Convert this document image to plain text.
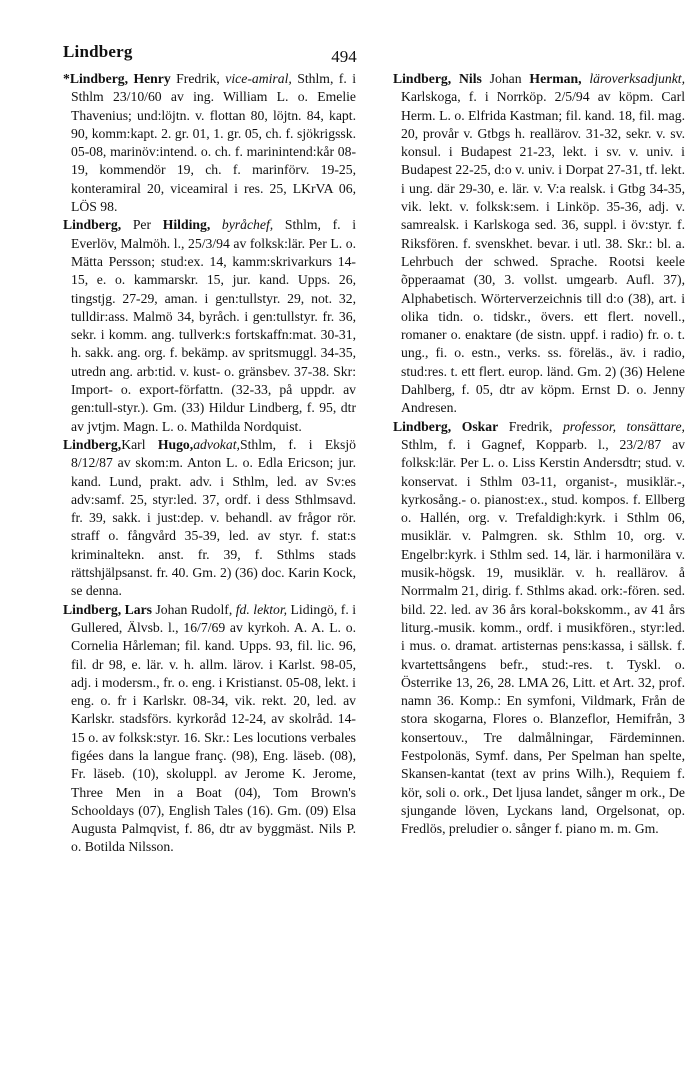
Lindberg	494

*Lindberg, Henry Fredrik, vice-amiral, Sthlm, f. i Sthlm 23/10/60 av ing. William L. o. Emelie Thavenius; und:löjtn. v. flottan 80, löjtn. 84, kapt. 90, komm:kapt. 2. gr. 01, 1. gr. 05, ch. f. sjökrigssk. 05-08, marinöv:intend. o. ch. f. marinintend:kår 08-19, kommendör 19, ch. f. marinförv. 19-25, konteramiral 20, viceamiral i res. 25, LKrVA 06, LÖS 98.

Lindberg, Per Hilding, byråchef, Sthlm, f. i Everlöv, Malmöh. l., 25/3/94 av folksk:lär. Per L. o. Mätta Persson; stud:ex. 14, kamm:skrivarkurs 14-15, e. o. kammarskr. 15, jur. kand. Upps. 26, tingstjg. 27-29, aman. i gen:tullstyr. 29, not. 32, tulldir:ass. Malmö 34, byråch. i gen:tullstyr. fr. 36, sekr. i komm. ang. tullverk:s fortskaffn:mat. 30-31, h. sakk. ang. org. f. bekämp. av spritsmuggl. 34-35, utredn ang. arb:tid. v. kust- o. gränsbev. 37-38. Skr: Import- o. export-författn. (32-33, på uppdr. av gen:tull-styr.). Gm. (33) Hildur Lindberg, f. 95, dtr av jvtjm. Magn. L. o. Mathilda Nordquist.

Lindberg,Karl Hugo,advokat,Sthlm, f. i Eksjö 8/12/87 av skom:m. Anton L. o. Edla Ericson; jur. kand. Lund, prakt. adv. i Sthlm, led. av Sv:es adv:samf. 25, styr:led. 37, ordf. i dess Sthlmsavd. fr. 39, sakk. i just:dep. v. behandl. av frågor rör. straff o. fångvård 35-39, led. av styr. f. stat:s kriminaltekn. anst. fr. 39, f. Sthlms stads rättshjälpsanst. fr. 40. Gm. 2) (36) doc. Karin Kock, se denna.

Lindberg, Lars Johan Rudolf, fd. lektor, Lidingö, f. i Gullered, Älvsb. l., 16/7/69 av kyrkoh. A. A. L. o. Cornelia Hårleman; fil. kand. Upps. 93, fil. lic. 96, fil. dr 98, e. lär. v. h. allm. lärov. i Karlst. 98-05, adj. i modersm., fr. o. eng. i Kristianst. 05-08, lekt. i eng. o. fr i Karlskr. 08-34, vik. rekt. 20, led. av Karlskr. stadsförs. kyrkoråd 12-24, av skolråd. 14-15 o. av folksk:styr. 16. Skr.: Les locutions verbales figées dans la langue franç. (98), Eng. läseb. (08), Fr. läseb. (10), skoluppl. av Jerome K. Jerome, Three Men in a Boat (04), Tom Brown's Schooldays (07), English Tales (16). Gm. (09) Elsa Augusta Palmqvist, f. 86, dtr av byggmäst. Nils P. o. Botilda Nilsson.

Lindberg, Nils Johan Herman, läroverksadjunkt, Karlskoga, f. i Norrköp. 2/5/94 av köpm. Carl Herm. L. o. Elfrida Kastman; fil. kand. 18, fil. mag. 20, provår v. Gtbgs h. reallärov. 31-32, sekr. v. sv. konsul. i Budapest 21-23, lekt. i sv. v. univ. i Budapest 22-25, d:o v. univ. i Dorpat 27-31, tf. lekt. i ung. där 29-30, e. lär. v. V:a realsk. i Gtbg 34-35, vik. lekt. v. folksk:sem. i Linköp. 35-36, adj. v. samrealsk. i Karlskoga sed. 36, suppl. i öv:styr. f. Riksfören. f. svenskhet. bevar. i utl. 38. Skr.: bl. a. Lehrbuch der schwed. Sprache. Rootsi keele õpperaamat (30, 3. vollst. umgearb. Aufl. 37), Alphabetisch. Wörterverzeichnis till d:o (38), art. i olika tidn. o. tidskr., övers. ett flert. novell., romaner o. enaktare (de sistn. uppf. i radio) fr. o. t. ung., fi. o. estn., verks. ss. föreläs., äv. i radio, stud:res. t. ett flert. europ. länd. Gm. 2) (36) Helene Dahlberg, f. 05, dtr av köpm. Ernst D. o. Jenny Andresen.

Lindberg, Oskar Fredrik, professor, tonsättare, Sthlm, f. i Gagnef, Kopparb. l., 23/2/87 av folksk:lär. Per L. o. Liss Kerstin Andersdtr; stud. v. konservat. i Sthlm 03-11, organist-, musiklär.-, kyrkosång.- o. pianost:ex., stud. kompos. f. Ellberg o. Hallén, org. v. Trefaldigh:kyrk. i Sthlm 06, musiklär. v. Palmgren. sk. Sthlm 10, org. v. Engelbr:kyrk. i Sthlm sed. 14, lär. i harmonilära v. musik-högsk. 19, musiklär. v. h. reallärov. å Norrmalm 21, dirig. f. Sthlms akad. ork:-fören. sed. bild. 22. led. av 36 års koral-bokskomm., av 41 års liturg.-musik. komm., ordf. i musikfören., styr:led. i mus. o. dramat. artisternas pens:kassa, i sällsk. f. kvartettsångens befr., stud:-res. t. Tyskl. o. Österrike 13, 26, 28. LMA 26, Litt. et Art. 32, prof. namn 36. Komp.: En symfoni, Vildmark, Från de stora skogarna, Flores o. Blanzeflor, Hemifrån, 3 konsertouv., Tre dalmålningar, Färdeminnen. Festpolonäs, Symf. dans, Per Spelman han spelte, Skansen-kantat (text av prins Wilh.), Requiem f. kör, soli o. ork., Det ljusa landet, sånger m ork., De sjungande löven, Lyckans land, Orgelsonat, op. Fredlös, preludier o. sånger f. piano m. m. Gm.
